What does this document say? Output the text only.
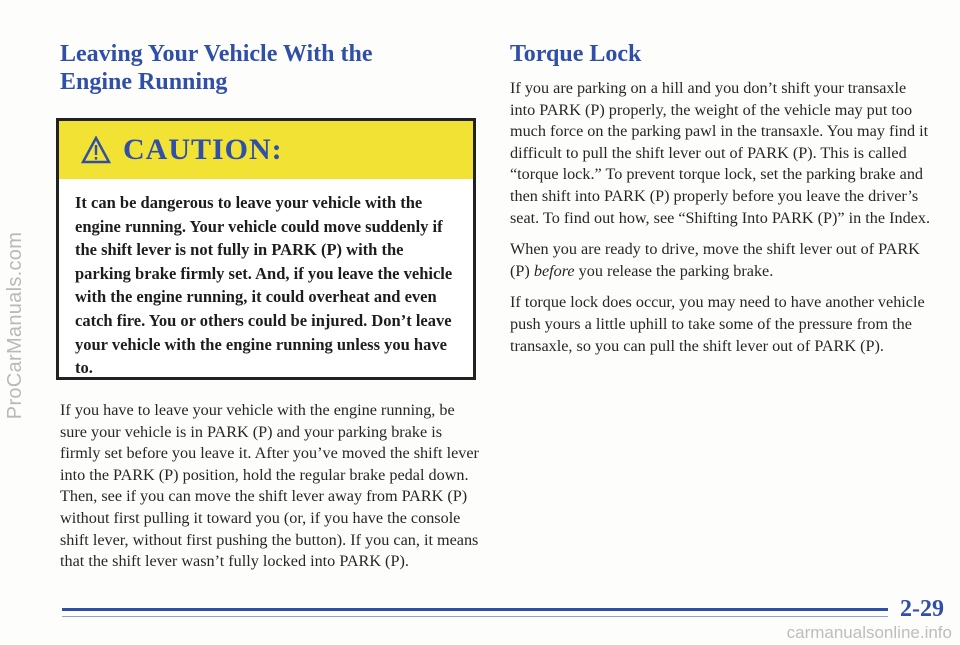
ProCarManuals.com
Leaving Your Vehicle With the
Engine Running
CAUTION:
It can be dangerous to leave your vehicle with the engine running. Your vehicle could move suddenly if the shift lever is not fully in PARK (P) with the parking brake firmly set. And, if you leave the vehicle with the engine running, it could overheat and even catch fire. You or others could be injured. Don’t leave your vehicle with the engine running unless you have to.

If you have to leave your vehicle with the engine running, be sure your vehicle is in PARK (P) and your parking brake is firmly set before you leave it. After you’ve moved the shift lever into the PARK (P) position, hold the regular brake pedal down. Then, see if you can move the shift lever away from PARK (P) without first pulling it toward you (or, if you have the console shift lever, without first pushing the button). If you can, it means that the shift lever wasn’t fully locked into PARK (P).

Torque Lock

If you are parking on a hill and you don’t shift your transaxle into PARK (P) properly, the weight of the vehicle may put too much force on the parking pawl in the transaxle. You may find it difficult to pull the shift lever out of PARK (P). This is called “torque lock.” To prevent torque lock, set the parking brake and then shift into PARK (P) properly before you leave the driver’s seat. To find out how, see “Shifting Into PARK (P)” in the Index.

When you are ready to drive, move the shift lever out of PARK (P) before you release the parking brake.

If torque lock does occur, you may need to have another vehicle push yours a little uphill to take some of the pressure from the transaxle, so you can pull the shift lever out of PARK (P).

2-29
carmanualsonline.info
